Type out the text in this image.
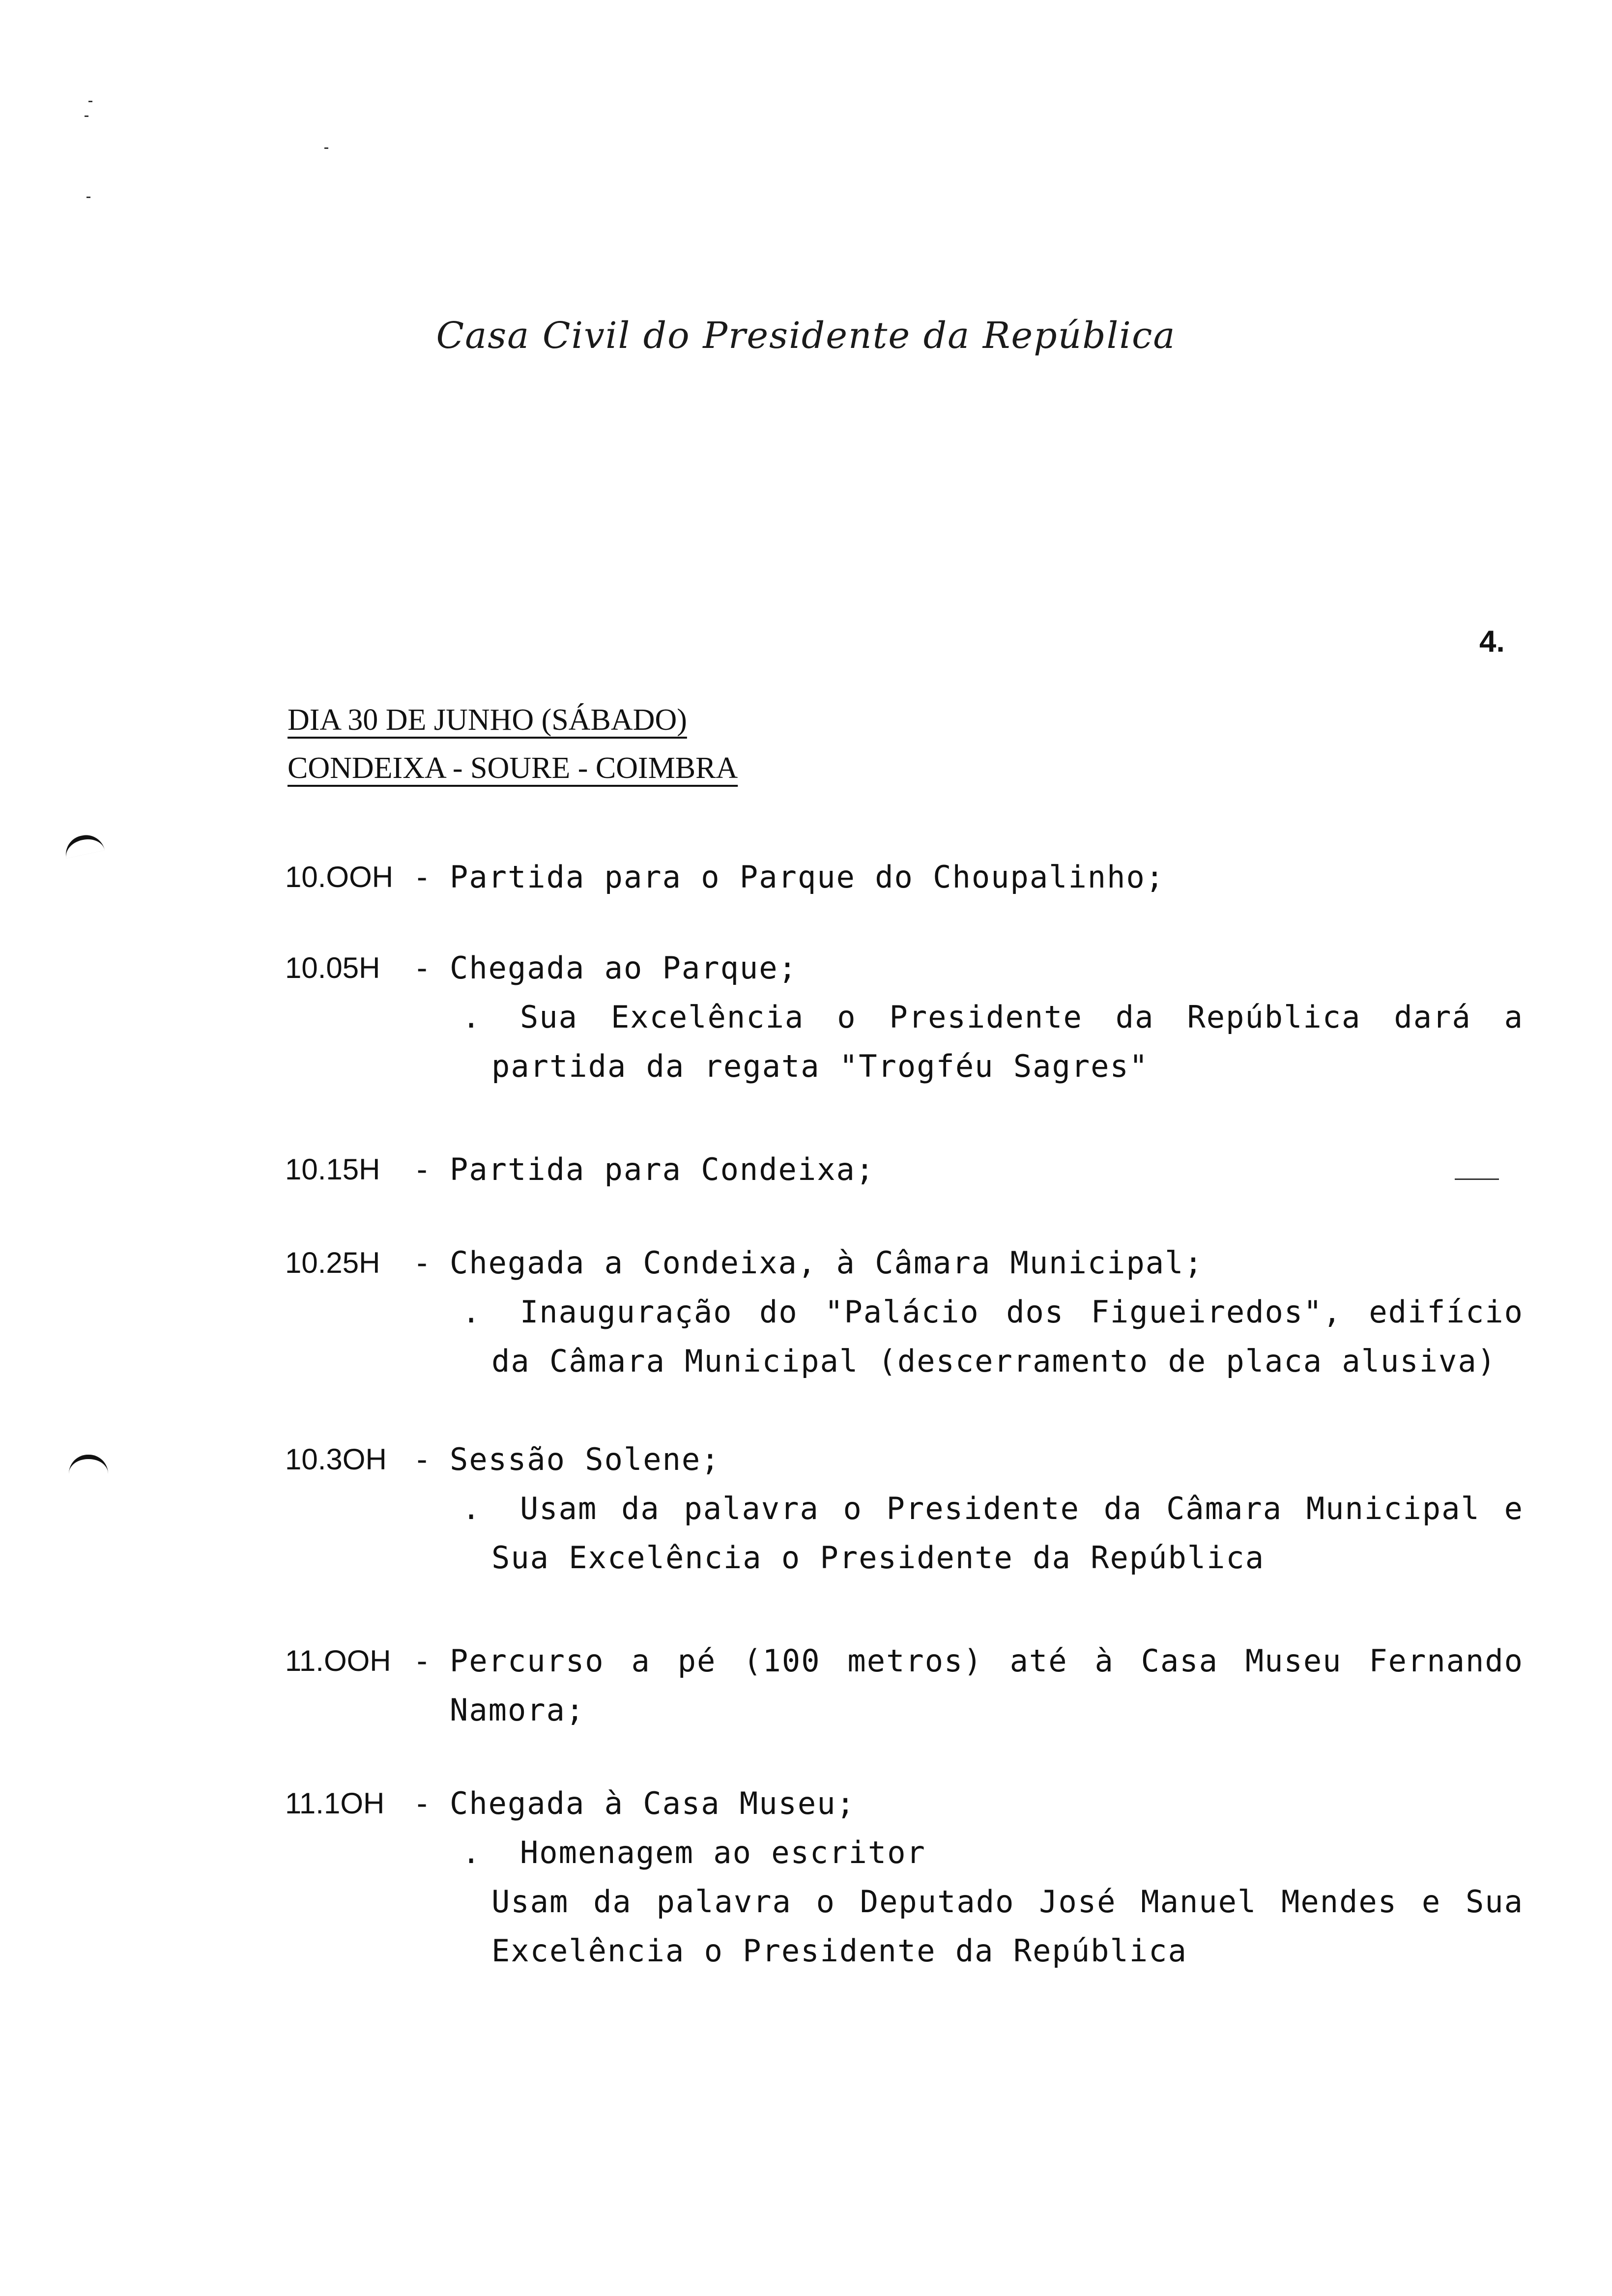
Casa Civil do Presidente da República
4.
DIA 30 DE JUNHO (SÁBADO)
CONDEIXA - SOURE - COIMBRA
10.OOH - Partida para o Parque do Choupalinho;
10.05H	- Chegada ao Parque;
. Sua Excelência o Presidente da República dará a
partida da regata "Trogféu Sagres"
10.15H	- Partida para Condeixa;
10.25H	- Chegada a Condeixa, à Câmara Municipal;
. Inauguração do "Palácio dos Figueiredos", edifício
da Câmara Municipal (descerramento de placa alusiva)
10.3OH - Sessão Solene;
. Usam da palavra o Presidente da Câmara Municipal e
Sua Excelência o Presidente da República
11.OOH - Percurso a pé (100 metros) até à Casa Museu Fernando
Namora;
11.1OH - Chegada à Casa Museu;
. Homenagem ao escritor
Usam da palavra o Deputado José Manuel Mendes e Sua
Excelência o Presidente da República
